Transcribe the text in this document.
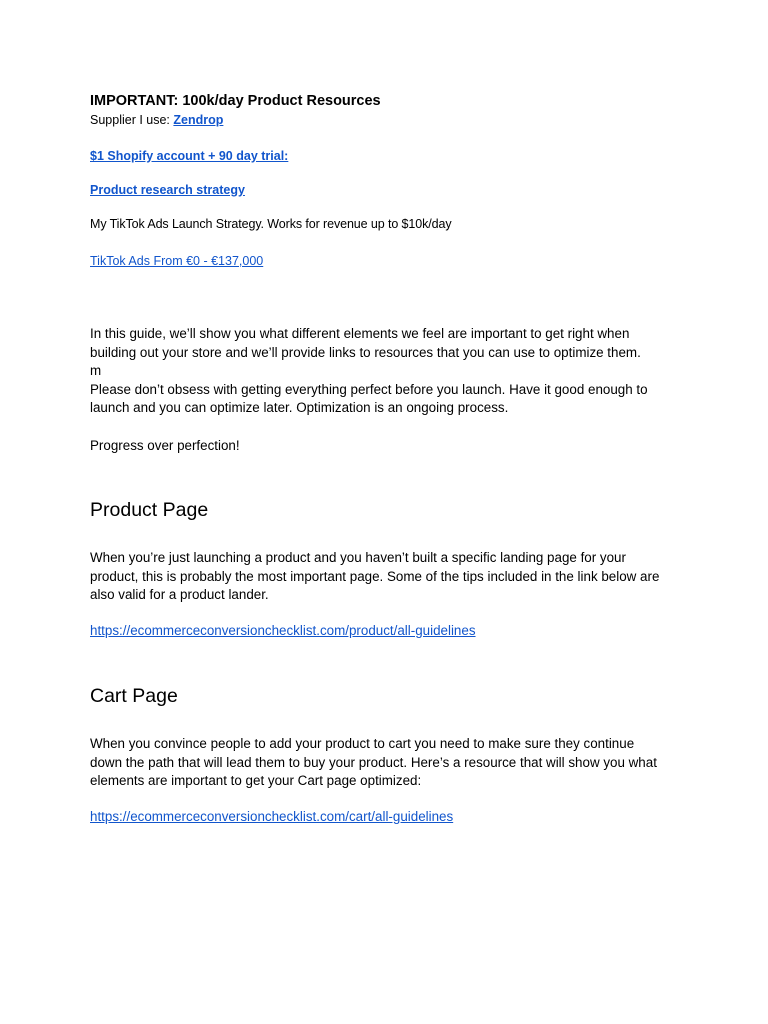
IMPORTANT: 100k/day Product Resources
Supplier I use: Zendrop
$1 Shopify account + 90 day trial:
Product research strategy
My TikTok Ads Launch Strategy. Works for revenue up to $10k/day
TikTok Ads From €0 - €137,000
In this guide, we’ll show you what different elements we feel are important to get right when
building out your store and we’ll provide links to resources that you can use to optimize them.
m
Please don’t obsess with getting everything perfect before you launch. Have it good enough to
launch and you can optimize later. Optimization is an ongoing process.
Progress over perfection!
Product Page
When you’re just launching a product and you haven’t built a specific landing page for your
product, this is probably the most important page. Some of the tips included in the link below are
also valid for a product lander.
https://ecommerceconversionchecklist.com/product/all-guidelines
Cart Page
When you convince people to add your product to cart you need to make sure they continue
down the path that will lead them to buy your product. Here’s a resource that will show you what
elements are important to get your Cart page optimized:
https://ecommerceconversionchecklist.com/cart/all-guidelines
